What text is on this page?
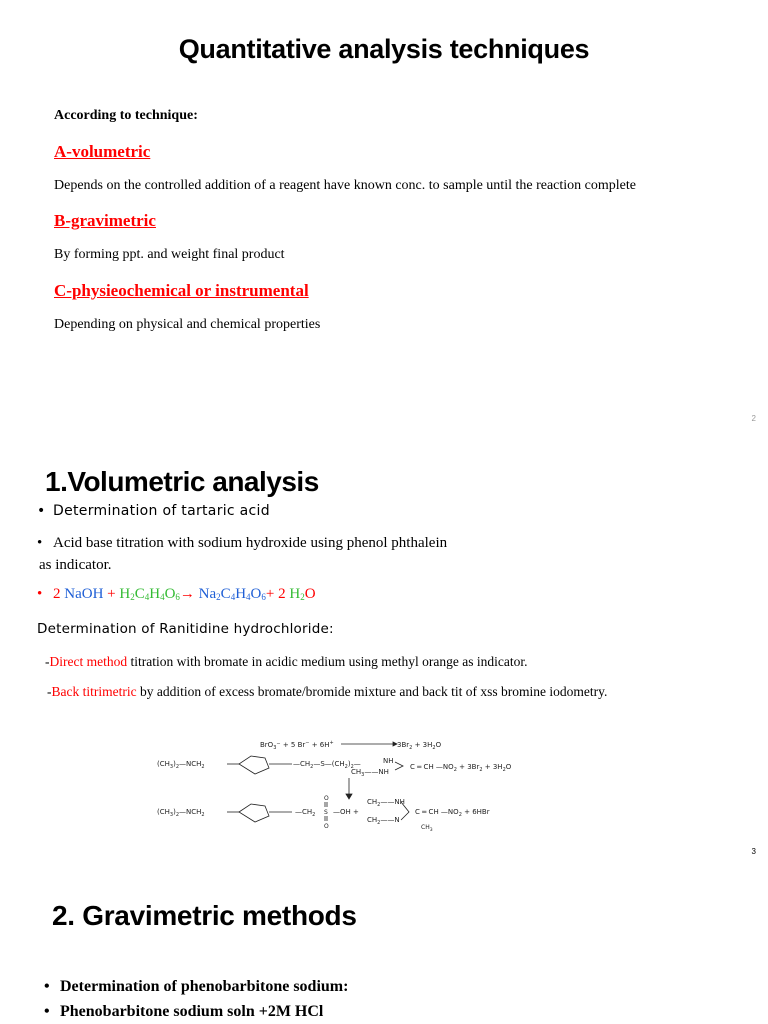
Quantitative analysis techniques
According to technique:
A-volumetric
Depends on the controlled addition of a reagent have known conc. to sample until the reaction complete
B-gravimetric
By forming ppt. and weight final product
C-physieochemical or instrumental
Depending on physical and chemical properties
2
1.Volumetric analysis
• Determination of tartaric acid
• Acid base titration with sodium hydroxide using phenol phthalein
as indicator.
• 2 NaOH + $H_2C_4H_4O_6\to Na_2C_4H_4O_6+ 2$ $H_2O$
Determination of Ranitidine hydrochloride:
-Direct method titration with bromate in acidic medium using methyl orange as indicator.
-Back titrimetric by addition of excess bromate/bromide mixture and back tit of xss bromine iodometry.
BrO$_3$− + 5 Br− + 6H+	$3Br_2 + 3H_2O$
$(CH_3)_2—NCH_2$	$—CH_2—S—(CH_2)_2—$	NH
$CH_3——NH$
C ═ CH $—NO_2 + 3Br_2 + 3H_2O$
$(CH_3)_2—NCH_2$	$—CH_2$
O
S
O
—OH +
$CH_2——NH$
$CH_2——N$
$CH_3$
C ═ CH $—NO_2 + 6HBr$
3
2. Gravimetric methods
• Determination of phenobarbitone sodium:
• Phenobarbitone sodium soln +2M HCl
